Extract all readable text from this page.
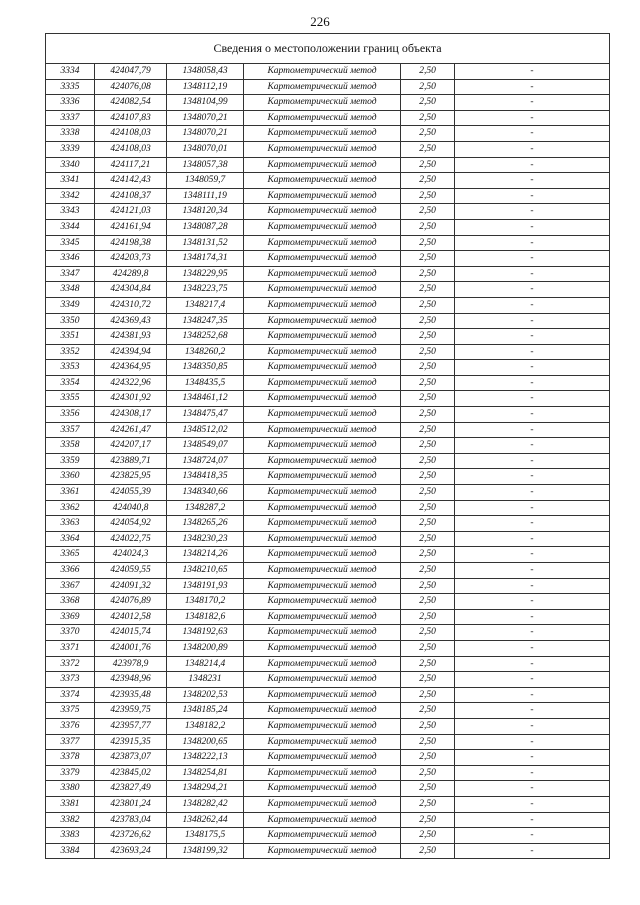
226
Сведения о местоположении границ объекта
3334	424047,79	1348058,43	Картометрический метод	2,50	-
3335	424076,08	1348112,19	Картометрический метод	2,50	-
3336	424082,54	1348104,99	Картометрический метод	2,50	-
3337	424107,83	1348070,21	Картометрический метод	2,50	-
3338	424108,03	1348070,21	Картометрический метод	2,50	-
3339	424108,03	1348070,01	Картометрический метод	2,50	-
3340	424117,21	1348057,38	Картометрический метод	2,50	-
3341	424142,43	1348059,7	Картометрический метод	2,50	-
3342	424108,37	1348111,19	Картометрический метод	2,50	-
3343	424121,03	1348120,34	Картометрический метод	2,50	-
3344	424161,94	1348087,28	Картометрический метод	2,50	-
3345	424198,38	1348131,52	Картометрический метод	2,50	-
3346	424203,73	1348174,31	Картометрический метод	2,50	-
3347	424289,8	1348229,95	Картометрический метод	2,50	-
3348	424304,84	1348223,75	Картометрический метод	2,50	-
3349	424310,72	1348217,4	Картометрический метод	2,50	-
3350	424369,43	1348247,35	Картометрический метод	2,50	-
3351	424381,93	1348252,68	Картометрический метод	2,50	-
3352	424394,94	1348260,2	Картометрический метод	2,50	-
3353	424364,95	1348350,85	Картометрический метод	2,50	-
3354	424322,96	1348435,5	Картометрический метод	2,50	-
3355	424301,92	1348461,12	Картометрический метод	2,50	-
3356	424308,17	1348475,47	Картометрический метод	2,50	-
3357	424261,47	1348512,02	Картометрический метод	2,50	-
3358	424207,17	1348549,07	Картометрический метод	2,50	-
3359	423889,71	1348724,07	Картометрический метод	2,50	-
3360	423825,95	1348418,35	Картометрический метод	2,50	-
3361	424055,39	1348340,66	Картометрический метод	2,50	-
3362	424040,8	1348287,2	Картометрический метод	2,50	-
3363	424054,92	1348265,26	Картометрический метод	2,50	-
3364	424022,75	1348230,23	Картометрический метод	2,50	-
3365	424024,3	1348214,26	Картометрический метод	2,50	-
3366	424059,55	1348210,65	Картометрический метод	2,50	-
3367	424091,32	1348191,93	Картометрический метод	2,50	-
3368	424076,89	1348170,2	Картометрический метод	2,50	-
3369	424012,58	1348182,6	Картометрический метод	2,50	-
3370	424015,74	1348192,63	Картометрический метод	2,50	-
3371	424001,76	1348200,89	Картометрический метод	2,50	-
3372	423978,9	1348214,4	Картометрический метод	2,50	-
3373	423948,96	1348231	Картометрический метод	2,50	-
3374	423935,48	1348202,53	Картометрический метод	2,50	-
3375	423959,75	1348185,24	Картометрический метод	2,50	-
3376	423957,77	1348182,2	Картометрический метод	2,50	-
3377	423915,35	1348200,65	Картометрический метод	2,50	-
3378	423873,07	1348222,13	Картометрический метод	2,50	-
3379	423845,02	1348254,81	Картометрический метод	2,50	-
3380	423827,49	1348294,21	Картометрический метод	2,50	-
3381	423801,24	1348282,42	Картометрический метод	2,50	-
3382	423783,04	1348262,44	Картометрический метод	2,50	-
3383	423726,62	1348175,5	Картометрический метод	2,50	-
3384	423693,24	1348199,32	Картометрический метод	2,50	-
